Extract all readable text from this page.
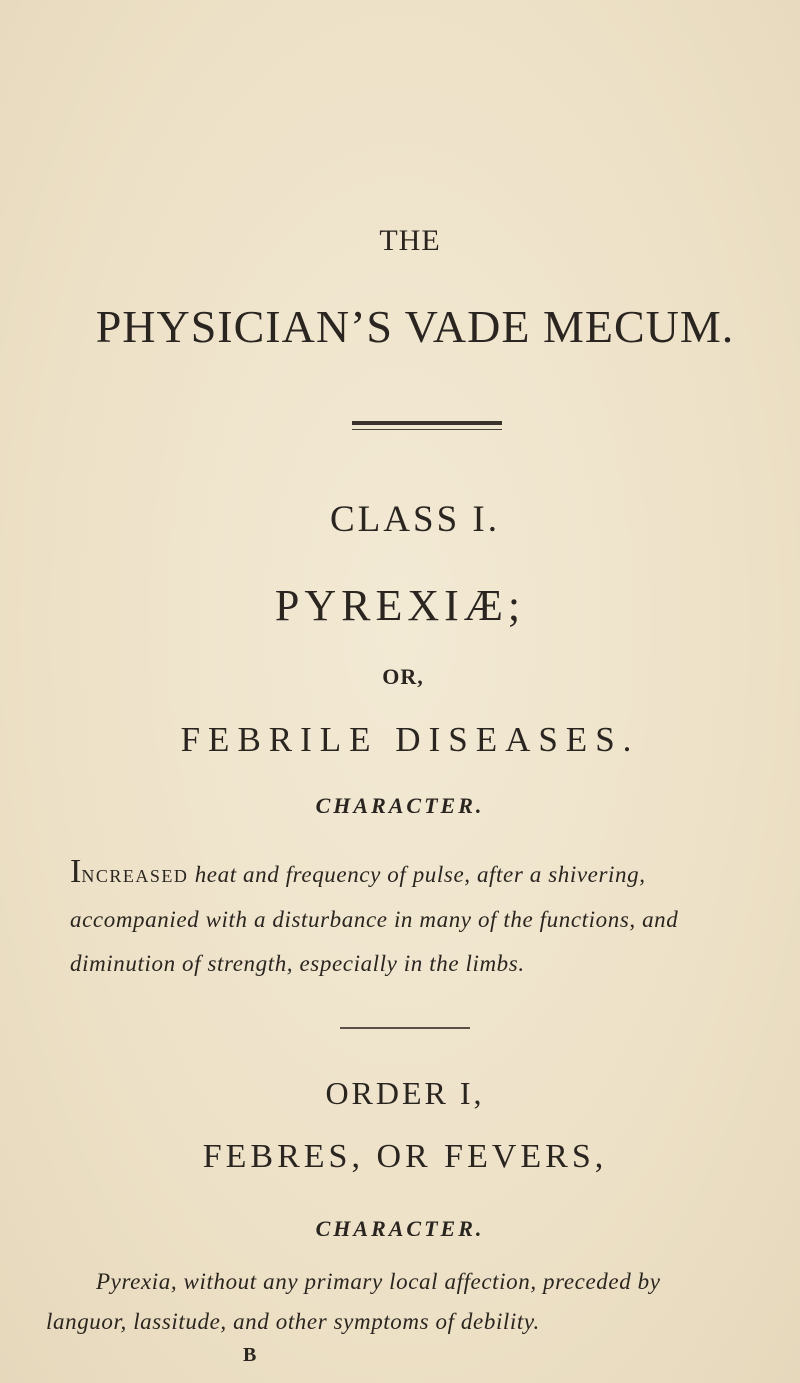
THE

PHYSICIAN’S VADE MECUM.
CLASS I.
PYREXIÆ;

OR,

FEBRILE DISEASES.

CHARACTER.

INCREASED heat and frequency of pulse, after a shivering, accompanied with a disturbance in many of the functions, and diminution of strength, especially in the limbs.

ORDER I,
FEBRES, OR FEVERS,

CHARACTER.

Pyrexia, without any primary local affection, preceded by
languor, lassitude, and other symptoms of debility.

B
